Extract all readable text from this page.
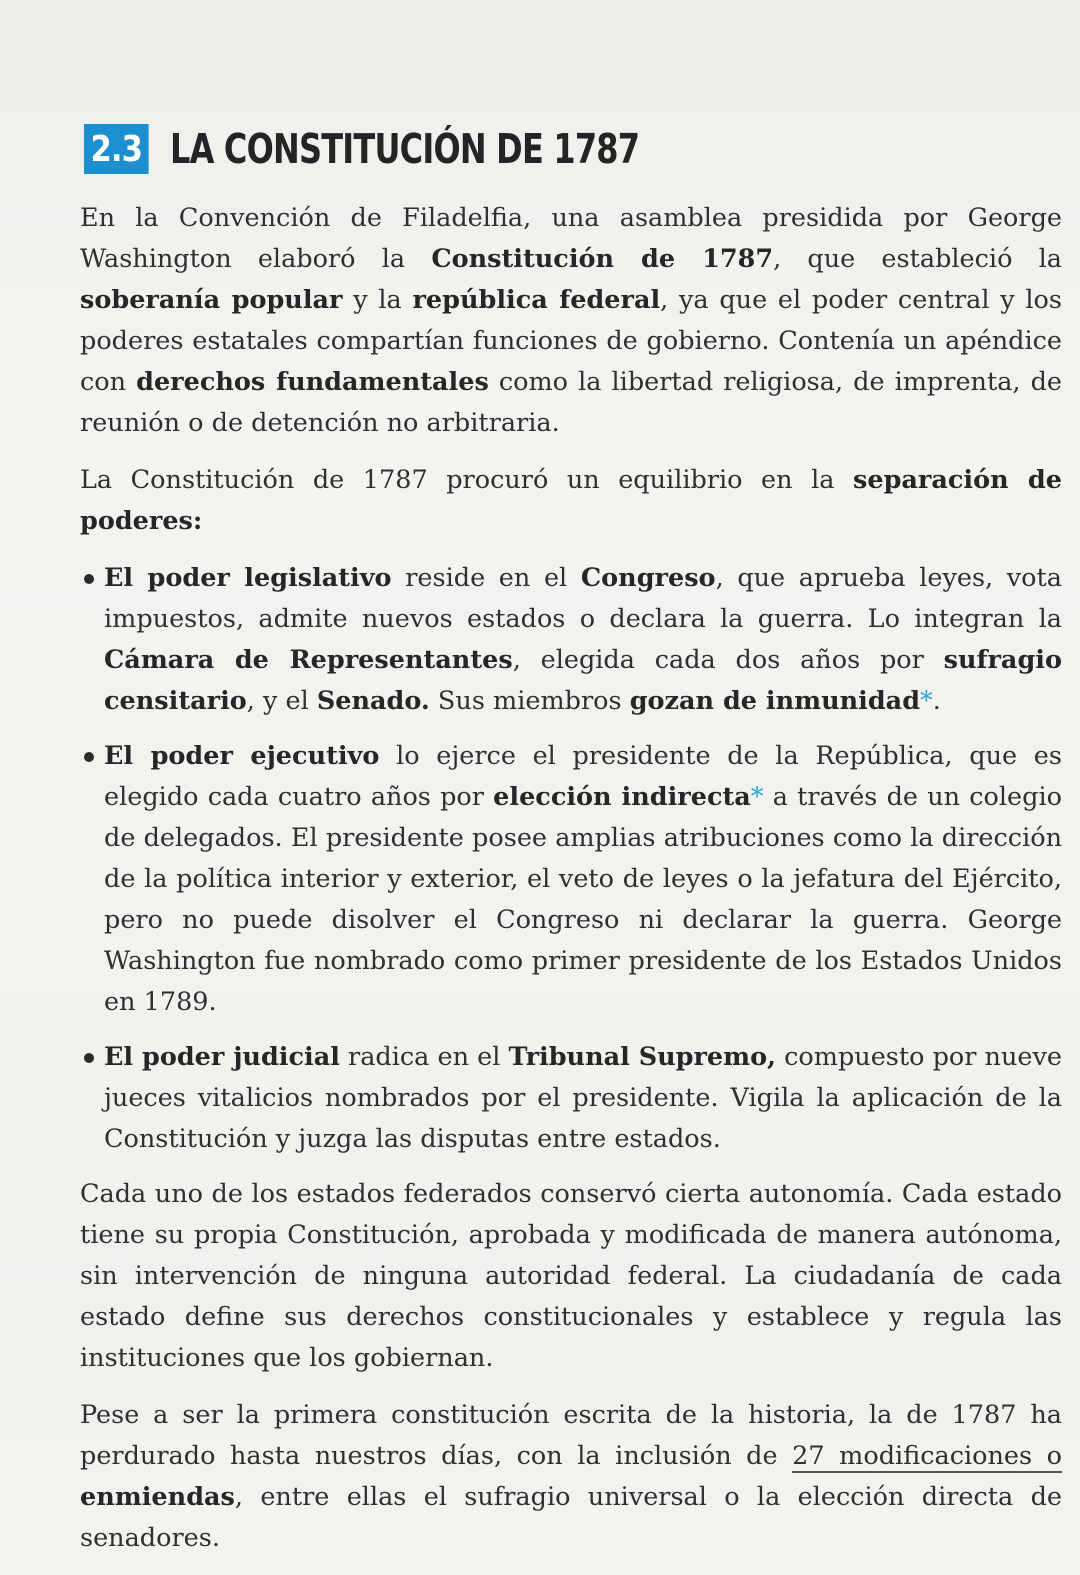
2.3 LA CONSTITUCIÓN DE 1787

En la Convención de Filadelfia, una asamblea presidida por George Washington elaboró la Constitución de 1787, que estableció la soberanía popular y la república federal, ya que el poder central y los poderes estatales compartían funciones de gobierno. Contenía un apéndice con derechos fundamentales como la libertad religiosa, de imprenta, de reunión o de detención no arbitraria.

La Constitución de 1787 procuró un equilibrio en la separación de poderes:

El poder legislativo reside en el Congreso, que aprueba leyes, vota impuestos, admite nuevos estados o declara la guerra. Lo integran la Cámara de Representantes, elegida cada dos años por sufragio censitario, y el Senado. Sus miembros gozan de inmunidad*.
El poder ejecutivo lo ejerce el presidente de la República, que es elegido cada cuatro años por elección indirecta* a través de un colegio de delegados. El presidente posee amplias atribuciones como la dirección de la política interior y exterior, el veto de leyes o la jefatura del Ejército, pero no puede disolver el Congreso ni declarar la guerra. George Washington fue nombrado como primer presidente de los Estados Unidos en 1789.
El poder judicial radica en el Tribunal Supremo, compuesto por nueve jueces vitalicios nombrados por el presidente. Vigila la aplicación de la Constitución y juzga las disputas entre estados.

Cada uno de los estados federados conservó cierta autonomía. Cada estado tiene su propia Constitución, aprobada y modificada de manera autónoma, sin intervención de ninguna autoridad federal. La ciudadanía de cada estado define sus derechos constitucionales y establece y regula las instituciones que los gobiernan.

Pese a ser la primera constitución escrita de la historia, la de 1787 ha perdurado hasta nuestros días, con la inclusión de 27 modificaciones o enmiendas, entre ellas el sufragio universal o la elección directa de senadores.
